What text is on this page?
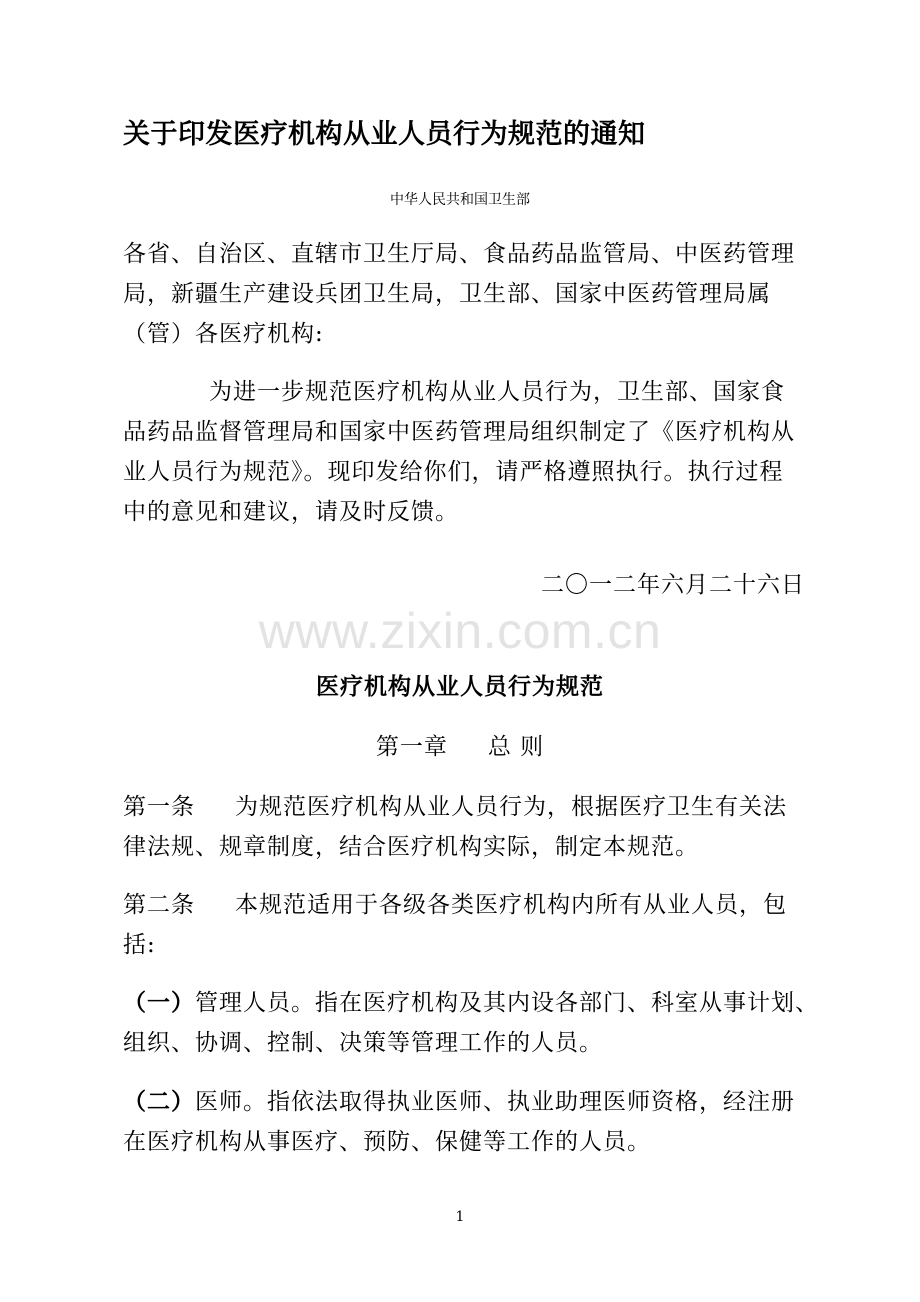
关于印发医疗机构从业人员行为规范的通知
中华人民共和国卫生部
各省、自治区、直辖市卫生厅局、食品药品监管局、中医药管理
局，新疆生产建设兵团卫生局，卫生部、国家中医药管理局属
（管）各医疗机构:
为进一步规范医疗机构从业人员行为，卫生部、国家食
品药品监督管理局和国家中医药管理局组织制定了《医疗机构从
业人员行为规范》。现印发给你们，请严格遵照执行。执行过程
中的意见和建议，请及时反馈。
二〇一二年六月二十六日
www.zixin.com.cn
医疗机构从业人员行为规范
第一章 总 则
第一条 为规范医疗机构从业人员行为，根据医疗卫生有关法
律法规、规章制度，结合医疗机构实际，制定本规范。
第二条 本规范适用于各级各类医疗机构内所有从业人员，包
括:
（一）管理人员。指在医疗机构及其内设各部门、科室从事计划、
组织、协调、控制、决策等管理工作的人员。
（二）医师。指依法取得执业医师、执业助理医师资格，经注册
在医疗机构从事医疗、预防、保健等工作的人员。
1
